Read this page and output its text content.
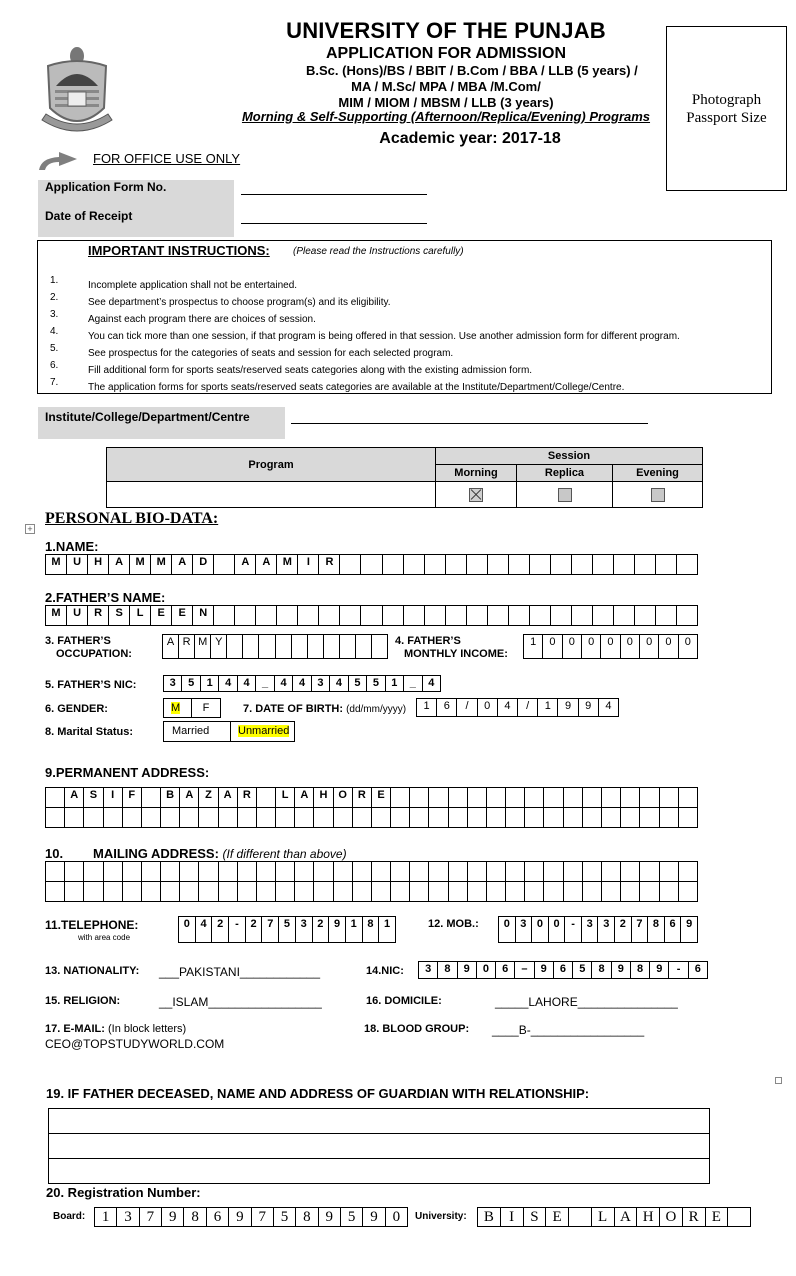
UNIVERSITY OF THE PUNJAB
APPLICATION FOR ADMISSION
B.Sc. (Hons)/BS / BBIT / B.Com / BBA / LLB (5 years) /
MA / M.Sc/ MPA / MBA /M.Com/
MIM / MIOM / MBSM / LLB (3 years)
Morning & Self-Supporting (Afternoon/Replica/Evening) Programs
Academic year: 2017-18
Photograph
Passport Size
FOR OFFICE USE ONLY
Application Form No.
Date of Receipt
IMPORTANT INSTRUCTIONS: (Please read the Instructions carefully)
1.	Incomplete application shall not be entertained.
2.	See department’s prospectus to choose program(s) and its eligibility.
3.	Against each program there are choices of session.
4.	You can tick more than one session, if that program is being offered in that session. Use another admission form for different program.
5.	See prospectus for the categories of seats and session for each selected program.
6.	Fill additional form for sports seats/reserved seats categories along with the existing admission form.
7.	The application forms for sports seats/reserved seats categories are available at the Institute/Department/College/Centre.
Institute/College/Department/Centre
Program	Session		
	Morning	Replica	Evening

+
PERSONAL BIO-DATA:
1.NAME:
M	U	H	A	M	M	A	D	A	A	M	I	R
2.FATHER’S NAME:
M	U	R	S	L	E	E	N
3. FATHER’S
OCCUPATION:
A R M Y	4. FATHER’S
MONTHLY INCOME:
1	0	0	0	0	0	0	0	0
5. FATHER’S NIC:	3	5	1	4	4	_	4	4	3	4	5	5	1	_	4
6. GENDER:	M	F	7. DATE OF BIRTH: (dd/mm/yyyy)	1	6	/	0	4	/	1	9	9	4
8. Marital Status:	Married	Unmarried
9.PERMANENT ADDRESS:
A	S	I	F	B	A	Z	A	R	L	A	H O R	E
10. MAILING ADDRESS: (If different than above)
11.TELEPHONE:
with area code
0 4 2	-	2 7 5 3 2 9 1 8 1	12. MOB.:	0 3 0 0	-	3 3 2 7 8 6 9
13. NATIONALITY: ___PAKISTANI____________	14.NIC:	3	8	9	0	6	–	9	6	5	8	9	8	9	-	6
15. RELIGION:	__ISLAM_________________	16. DOMICILE:	_____LAHORE_______________
17. E-MAIL: (In block letters)
CEO@TOPSTUDYWORLD.COM
18. BLOOD GROUP: ____B-_________________
19. IF FATHER DECEASED, NAME AND ADDRESS OF GUARDIAN WITH RELATIONSHIP:
20. Registration Number:
Board:	1 3 7 9 8 6 9 7 5 8 9 5 9 0	University:	B	I	S E	L A H O R E
